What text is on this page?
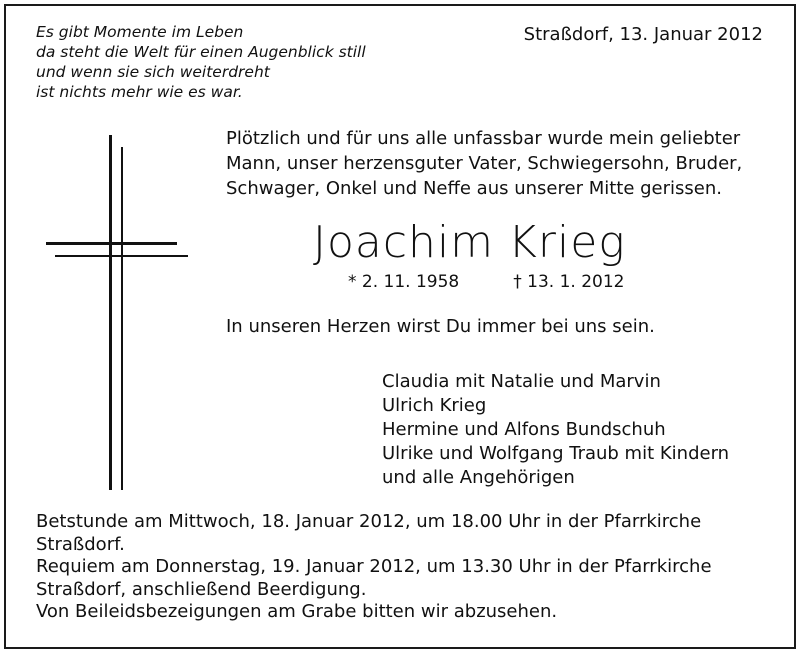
Es gibt Momente im Leben
da steht die Welt für einen Augenblick still
und wenn sie sich weiterdreht
ist nichts mehr wie es war.
Straßdorf, 13. Januar 2012
Plötzlich und für uns alle unfassbar wurde mein geliebter
Mann, unser herzensguter Vater, Schwiegersohn, Bruder,
Schwager, Onkel und Neffe aus unserer Mitte gerissen.
Joachim Krieg
* 2. 11. 1958	† 13. 1. 2012
In unseren Herzen wirst Du immer bei uns sein.
Claudia mit Natalie und Marvin
Ulrich Krieg
Hermine und Alfons Bundschuh
Ulrike und Wolfgang Traub mit Kindern
und alle Angehörigen
Betstunde am Mittwoch, 18. Januar 2012, um 18.00 Uhr in der Pfarrkirche
Straßdorf.
Requiem am Donnerstag, 19. Januar 2012, um 13.30 Uhr in der Pfarrkirche
Straßdorf, anschließend Beerdigung.
Von Beileidsbezeigungen am Grabe bitten wir abzusehen.
